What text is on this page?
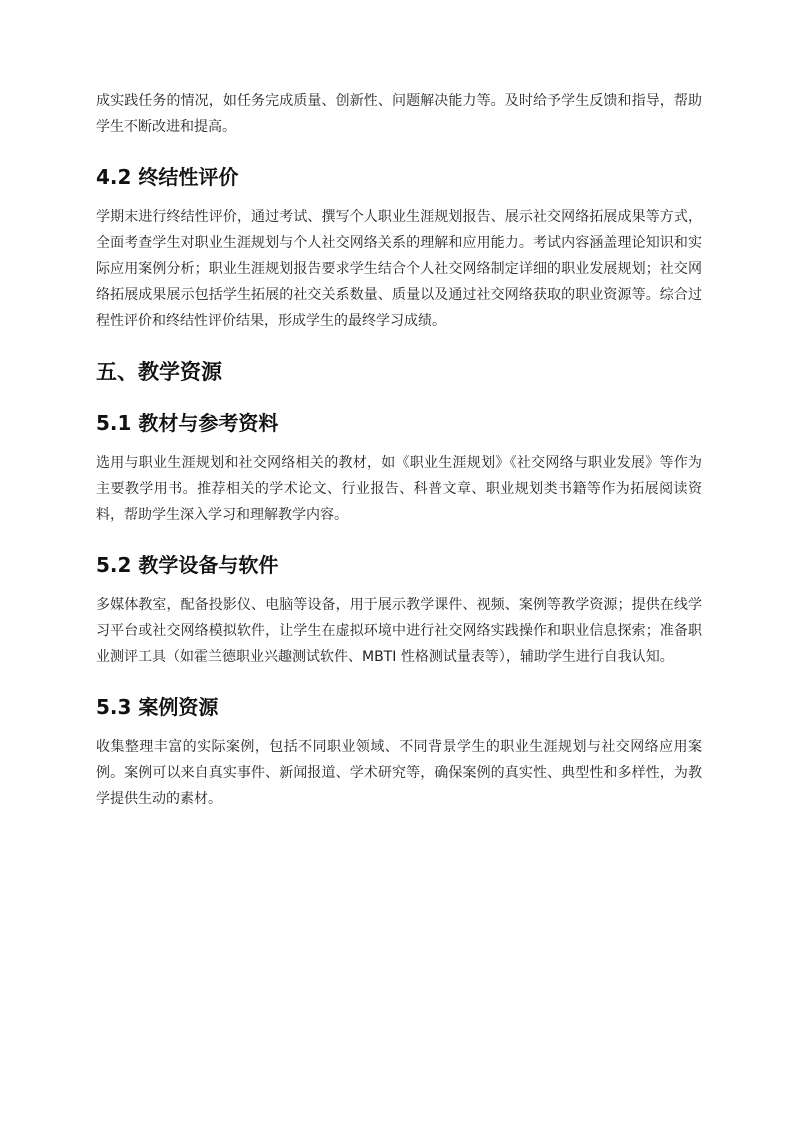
成实践任务的情况，如任务完成质量、创新性、问题解决能力等。及时给予学生反馈和指导，帮助学生不断改进和提高。

4.2 终结性评价

学期末进行终结性评价，通过考试、撰写个人职业生涯规划报告、展示社交网络拓展成果等方式，全面考查学生对职业生涯规划与个人社交网络关系的理解和应用能力。考试内容涵盖理论知识和实际应用案例分析；职业生涯规划报告要求学生结合个人社交网络制定详细的职业发展规划；社交网络拓展成果展示包括学生拓展的社交关系数量、质量以及通过社交网络获取的职业资源等。综合过程性评价和终结性评价结果，形成学生的最终学习成绩。

五、教学资源
5.1 教材与参考资料

选用与职业生涯规划和社交网络相关的教材，如《职业生涯规划》《社交网络与职业发展》等作为主要教学用书。推荐相关的学术论文、行业报告、科普文章、职业规划类书籍等作为拓展阅读资料，帮助学生深入学习和理解教学内容。

5.2 教学设备与软件

多媒体教室，配备投影仪、电脑等设备，用于展示教学课件、视频、案例等教学资源；提供在线学习平台或社交网络模拟软件，让学生在虚拟环境中进行社交网络实践操作和职业信息探索；准备职业测评工具（如霍兰德职业兴趣测试软件、MBTI 性格测试量表等），辅助学生进行自我认知。

5.3 案例资源

收集整理丰富的实际案例，包括不同职业领域、不同背景学生的职业生涯规划与社交网络应用案例。案例可以来自真实事件、新闻报道、学术研究等，确保案例的真实性、典型性和多样性，为教学提供生动的素材。
